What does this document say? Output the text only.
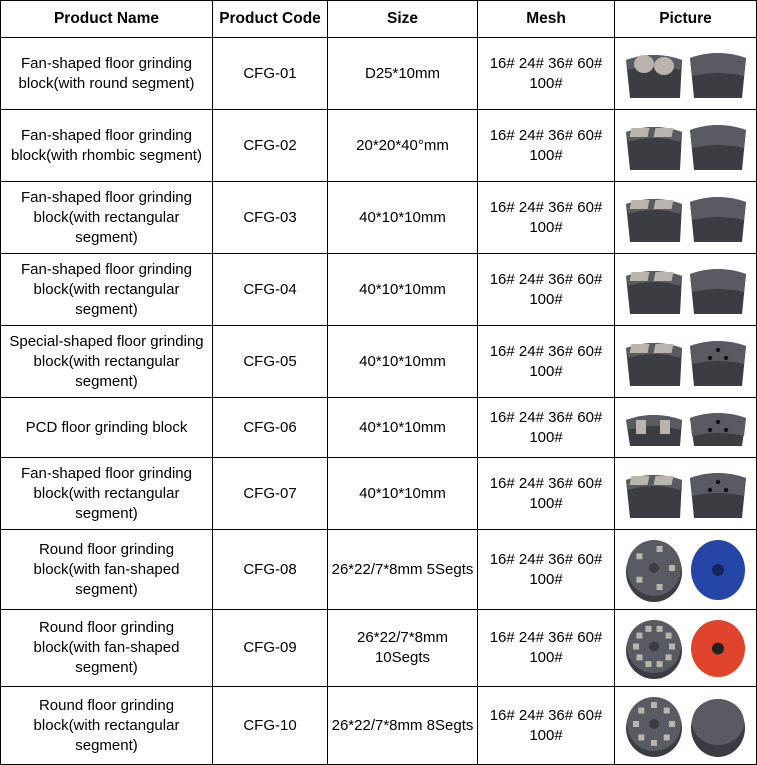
Product Name	Product Code	Size	Mesh	Picture
Fan-shaped floor grinding block(with round segment)	CFG-01	D25*10mm	16# 24# 36# 60# 100#	

Fan-shaped floor grinding block(with rhombic segment)	CFG-02	20*20*40°mm	16# 24# 36# 60# 100#	

Fan-shaped floor grinding block(with rectangular segment)	CFG-03	40*10*10mm	16# 24# 36# 60# 100#	

Fan-shaped floor grinding block(with rectangular segment)	CFG-04	40*10*10mm	16# 24# 36# 60# 100#	

Special-shaped floor grinding block(with rectangular segment)	CFG-05	40*10*10mm	16# 24# 36# 60# 100#	

PCD floor grinding block	CFG-06	40*10*10mm	16# 24# 36# 60# 100#	

Fan-shaped floor grinding block(with rectangular segment)	CFG-07	40*10*10mm	16# 24# 36# 60# 100#	

Round floor grinding block(with fan-shaped segment)	CFG-08	26*22/7*8mm 5Segts	16# 24# 36# 60# 100#	

Round floor grinding block(with fan-shaped segment)	CFG-09	26*22/7*8mm 10Segts	16# 24# 36# 60# 100#	

Round floor grinding block(with rectangular segment)	CFG-10	26*22/7*8mm 8Segts	16# 24# 36# 60# 100#	
